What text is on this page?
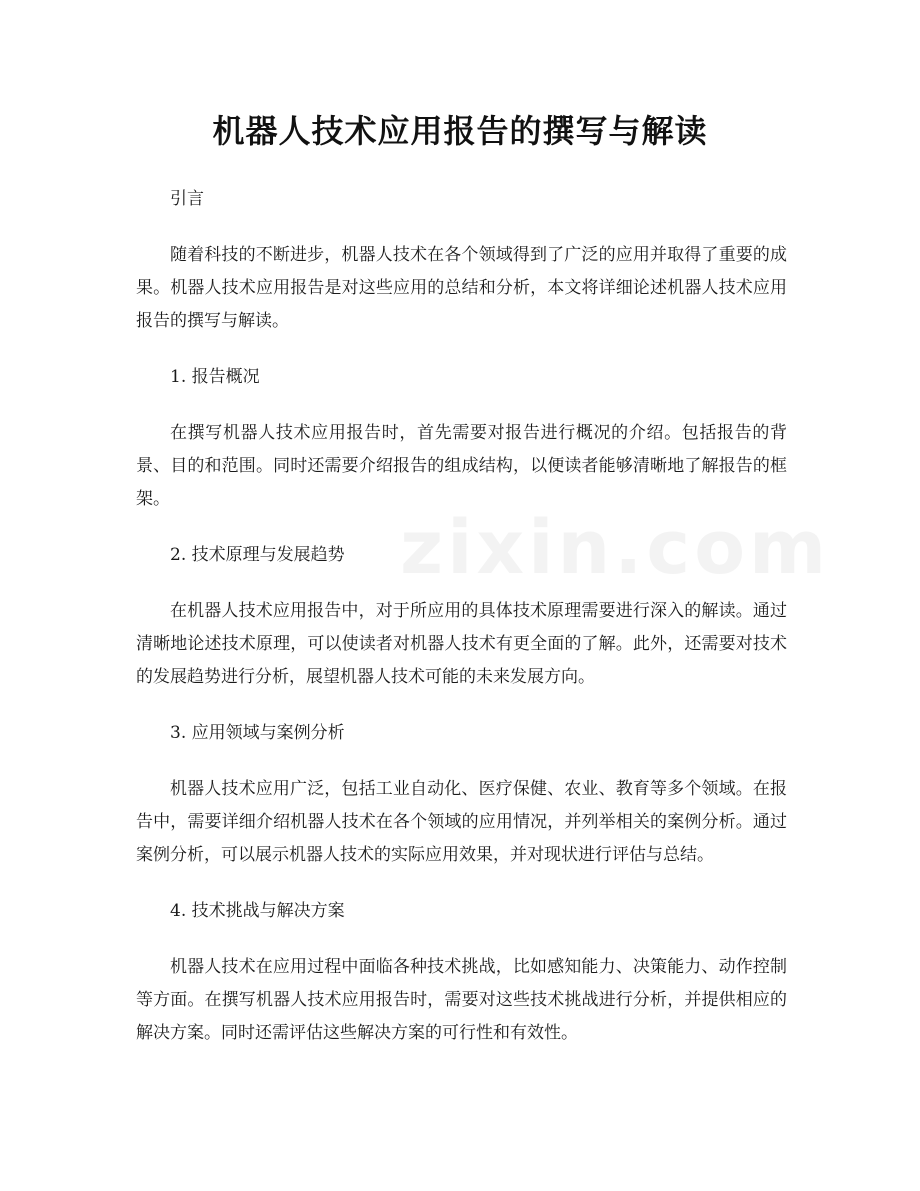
zixin.com
机器人技术应用报告的撰写与解读

引言

随着科技的不断进步，机器人技术在各个领域得到了广泛的应用并取得了重要的成果。机器人技术应用报告是对这些应用的总结和分析，本文将详细论述机器人技术应用报告的撰写与解读。

1. 报告概况

在撰写机器人技术应用报告时，首先需要对报告进行概况的介绍。包括报告的背景、目的和范围。同时还需要介绍报告的组成结构，以便读者能够清晰地了解报告的框架。

2. 技术原理与发展趋势

在机器人技术应用报告中，对于所应用的具体技术原理需要进行深入的解读。通过清晰地论述技术原理，可以使读者对机器人技术有更全面的了解。此外，还需要对技术的发展趋势进行分析，展望机器人技术可能的未来发展方向。

3. 应用领域与案例分析

机器人技术应用广泛，包括工业自动化、医疗保健、农业、教育等多个领域。在报告中，需要详细介绍机器人技术在各个领域的应用情况，并列举相关的案例分析。通过案例分析，可以展示机器人技术的实际应用效果，并对现状进行评估与总结。

4. 技术挑战与解决方案

机器人技术在应用过程中面临各种技术挑战，比如感知能力、决策能力、动作控制等方面。在撰写机器人技术应用报告时，需要对这些技术挑战进行分析，并提供相应的解决方案。同时还需评估这些解决方案的可行性和有效性。
